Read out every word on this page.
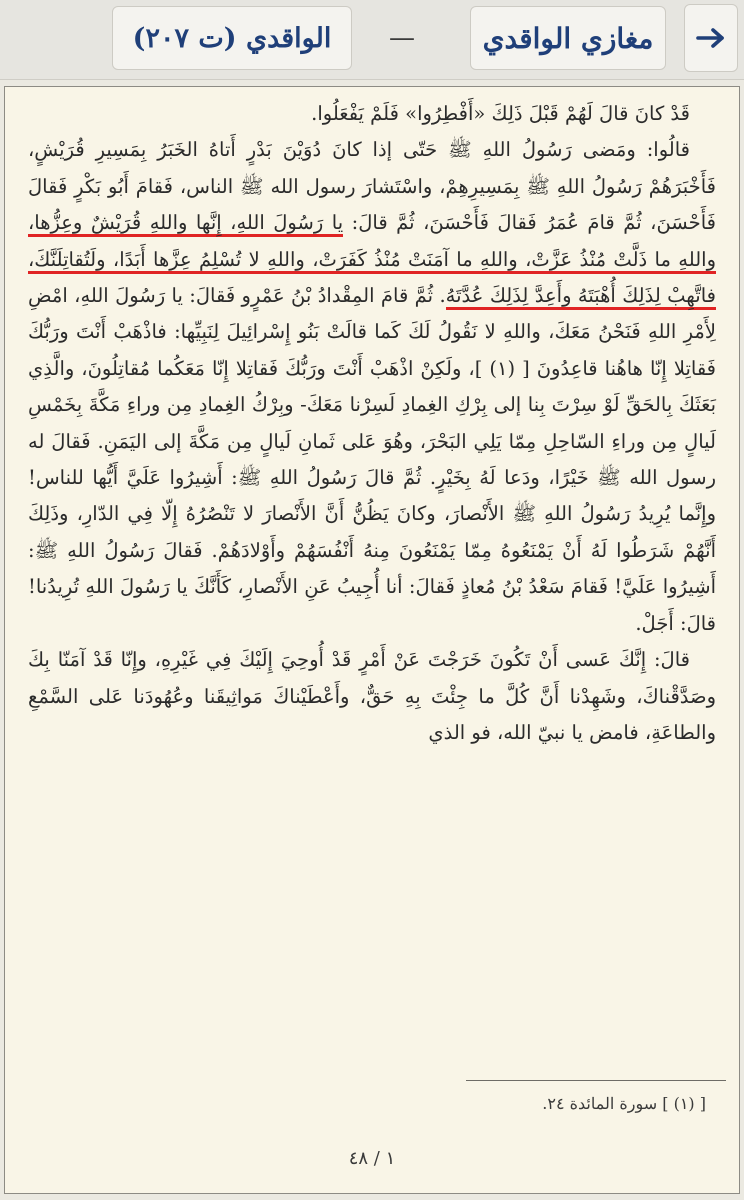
مغازي الواقدي
—
الواقدي (ت ٢٠٧)

قَدْ كانَ قالَ لَهُمْ قَبْلَ ذَلِكَ «أَفْطِرُوا» فَلَمْ يَفْعَلُوا.

قالُوا: ومَضى رَسُولُ اللهِ ﷺ حَتّى إذا كانَ دُوَيْنَ بَدْرٍ أَتاهُ الخَبَرُ بِمَسِيرِ قُرَيْشٍ، فَأَخْبَرَهُمْ رَسُولُ اللهِ ﷺ بِمَسِيرِهِمْ، واسْتَشارَ رسول الله ﷺ الناس، فَقامَ أَبُو بَكْرٍ فَقالَ فَأَحْسَنَ، ثُمَّ قامَ عُمَرُ فَقالَ فَأَحْسَنَ، ثُمَّ قالَ: يا رَسُولَ اللهِ، إِنَّها واللهِ قُرَيْشٌ وعِزُّها، واللهِ ما ذَلَّتْ مُنْذُ عَزَّتْ، واللهِ ما آمَنَتْ مُنْذُ كَفَرَتْ، واللهِ لا تُسْلِمُ عِزَّها أَبَدًا، ولَتُقاتِلَنَّكَ، فاتَّهِبْ لِذَلِكَ أُهْبَتَهُ وأَعِدَّ لِذَلِكَ عُدَّتَهُ. ثُمَّ قامَ المِقْدادُ بْنُ عَمْرٍو فَقالَ: يا رَسُولَ اللهِ، امْضِ لِأَمْرِ اللهِ فَنَحْنُ مَعَكَ، واللهِ لا نَقُولُ لَكَ كَما قالَتْ بَنُو إِسْرائِيلَ لِنَبِيِّها: فاذْهَبْ أَنْتَ ورَبُّكَ فَقاتِلا إِنّا هاهُنا قاعِدُونَ [ (١) ]، ولَكِنْ اذْهَبْ أَنْتَ ورَبُّكَ فَقاتِلا إِنّا مَعَكُما مُقاتِلُونَ، والَّذِي بَعَثَكَ بِالحَقِّ لَوْ سِرْتَ بِنا إلى بِرْكِ الغِمادِ لَسِرْنا مَعَكَ- وبِرْكُ الغِمادِ مِن وراءِ مَكَّةَ بِخَمْسِ لَيالٍ مِن وراءِ السّاحِلِ مِمّا يَلِي البَحْرَ، وهُوَ عَلى ثَمانِ لَيالٍ مِن مَكَّةَ إلى اليَمَنِ. فَقالَ له رسول الله ﷺ خَيْرًا، ودَعا لَهُ بِخَيْرٍ. ثُمَّ قالَ رَسُولُ اللهِ ﷺ: أَشِيرُوا عَلَيَّ أَيُّها للناس! وإِنَّما يُرِيدُ رَسُولُ اللهِ ﷺ الأَنْصارَ، وكانَ يَظُنُّ أَنَّ الأَنْصارَ لا تَنْصُرُهُ إِلّا فِي الدّارِ، وذَلِكَ أَنَّهُمْ شَرَطُوا لَهُ أَنْ يَمْنَعُوهُ مِمّا يَمْنَعُونَ مِنهُ أَنْفُسَهُمْ وأَوْلادَهُمْ. فَقالَ رَسُولُ اللهِ ﷺ: أَشِيرُوا عَلَيَّ! فَقامَ سَعْدُ بْنُ مُعاذٍ فَقالَ: أنا أُجِيبُ عَنِ الأَنْصارِ، كَأَنَّكَ يا رَسُولَ اللهِ تُرِيدُنا! قالَ: أَجَلْ.

قالَ: إِنَّكَ عَسى أَنْ تَكُونَ خَرَجْتَ عَنْ أَمْرٍ قَدْ أُوحِيَ إِلَيْكَ فِي غَيْرِهِ، وإِنّا قَدْ آمَنّا بِكَ وصَدَّقْناكَ، وشَهِدْنا أَنَّ كُلَّ ما جِئْتَ بِهِ حَقٌّ، وأَعْطَيْناكَ مَواثِيقَنا وعُهُودَنا عَلى السَّمْعِ والطاعَةِ، فامض يا نبيّ الله، فو الذي

[ (١) ] سورة المائدة ٢٤.
١ / ٤٨
